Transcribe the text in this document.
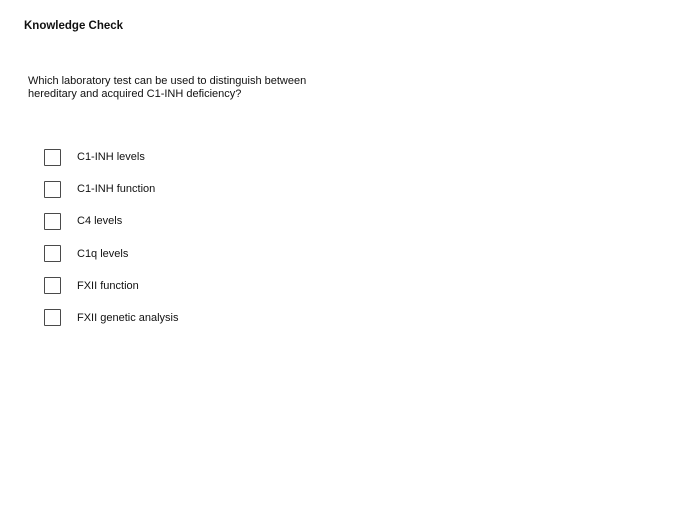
Knowledge Check
Which laboratory test can be used to distinguish between
hereditary and acquired C1-INH deficiency?
C1-INH levels
C1-INH function
C4 levels
C1q levels
FXII function
FXII genetic analysis
